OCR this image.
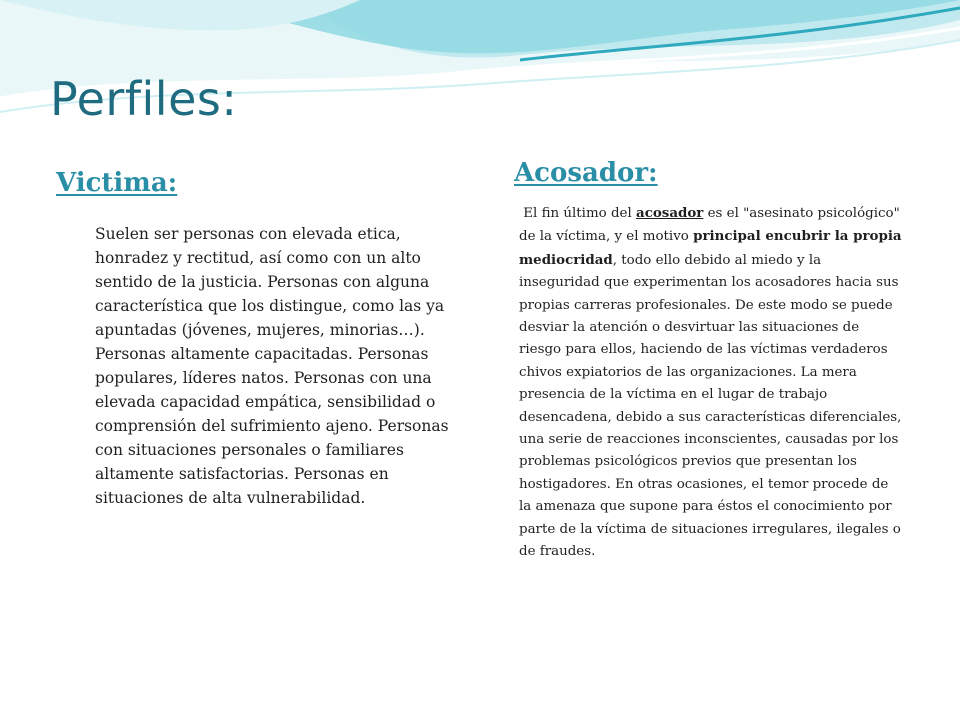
Perfiles:
Victima:

Suelen ser personas con elevada etica, honradez y rectitud, así como con un alto sentido de la justicia. Personas con alguna característica que los distingue, como las ya apuntadas (jóvenes, mujeres, minorias…). Personas altamente capacitadas. Personas populares, líderes natos. Personas con una elevada capacidad empática, sensibilidad o comprensión del sufrimiento ajeno. Personas con situaciones personales o familiares altamente satisfactorias. Personas en situaciones de alta vulnerabilidad.

Acosador:

El fin último del acosador es el "asesinato psicológico" de la víctima, y el motivo principal encubrir la propia mediocridad, todo ello debido al miedo y la inseguridad que experimentan los acosadores hacia sus propias carreras profesionales. De este modo se puede desviar la atención o desvirtuar las situaciones de riesgo para ellos, haciendo de las víctimas verdaderos chivos expiatorios de las organizaciones. La mera presencia de la víctima en el lugar de trabajo desencadena, debido a sus características diferenciales, una serie de reacciones inconscientes, causadas por los problemas psicológicos previos que presentan los hostigadores. En otras ocasiones, el temor procede de la amenaza que supone para éstos el conocimiento por parte de la víctima de situaciones irregulares, ilegales o de fraudes.
